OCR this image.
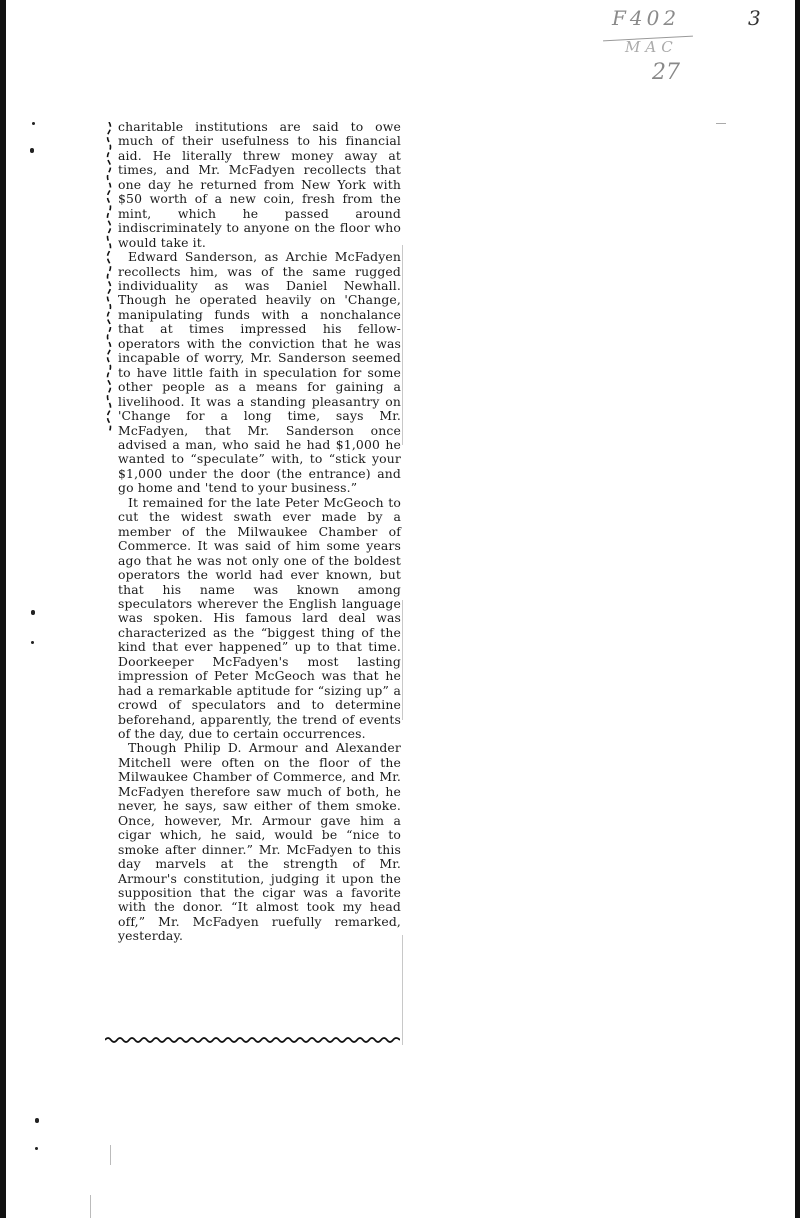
F402
MAC
27
3

charitable institutions are said to owe much of their usefulness to his financial aid. He literally threw money away at times, and Mr. McFadyen recollects that one day he returned from New York with $50 worth of a new coin, fresh from the mint, which he passed around indiscriminately to anyone on the floor who would take it.

Edward Sanderson, as Archie McFadyen recollects him, was of the same rugged individuality as was Daniel Newhall. Though he operated heavily on 'Change, manipulating funds with a nonchalance that at times impressed his fellow-operators with the conviction that he was incapable of worry, Mr. Sanderson seemed to have little faith in speculation for some other people as a means for gaining a livelihood. It was a standing pleasantry on 'Change for a long time, says Mr. McFadyen, that Mr. Sanderson once advised a man, who said he had $1,000 he wanted to “speculate” with, to “stick your $1,000 under the door (the entrance) and go home and 'tend to your business.”

It remained for the late Peter McGeoch to cut the widest swath ever made by a member of the Milwaukee Chamber of Commerce. It was said of him some years ago that he was not only one of the boldest operators the world had ever known, but that his name was known among speculators wherever the English language was spoken. His famous lard deal was characterized as the “biggest thing of the kind that ever happened” up to that time. Doorkeeper McFadyen's most lasting impression of Peter McGeoch was that he had a remarkable aptitude for “sizing up” a crowd of speculators and to determine beforehand, apparently, the trend of events of the day, due to certain occurrences.

Though Philip D. Armour and Alexander Mitchell were often on the floor of the Milwaukee Chamber of Commerce, and Mr. McFadyen therefore saw much of both, he never, he says, saw either of them smoke. Once, however, Mr. Armour gave him a cigar which, he said, would be “nice to smoke after dinner.” Mr. McFadyen to this day marvels at the strength of Mr. Armour's constitution, judging it upon the supposition that the cigar was a favorite with the donor. “It almost took my head off,” Mr. McFadyen ruefully remarked, yesterday.
